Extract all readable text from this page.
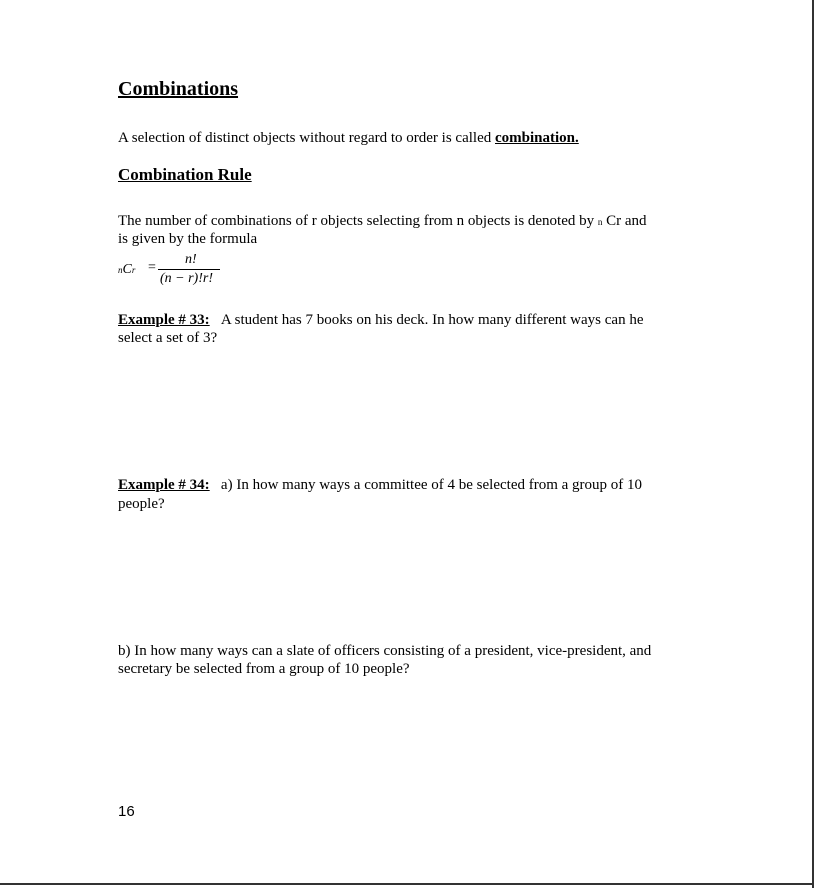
Combinations

A selection of distinct objects without regard to order is called combination.

Combination Rule

The number of combinations of r objects selecting from n objects is denoted by n Cr and

is given by the formula

nCr =
n!
(n − r)!r!

Example # 33: A student has 7 books on his deck. In how many different ways can he

select a set of 3?

Example # 34: a) In how many ways a committee of 4 be selected from a group of 10

people?

b) In how many ways can a slate of officers consisting of a president, vice-president, and

secretary be selected from a group of 10 people?

16
